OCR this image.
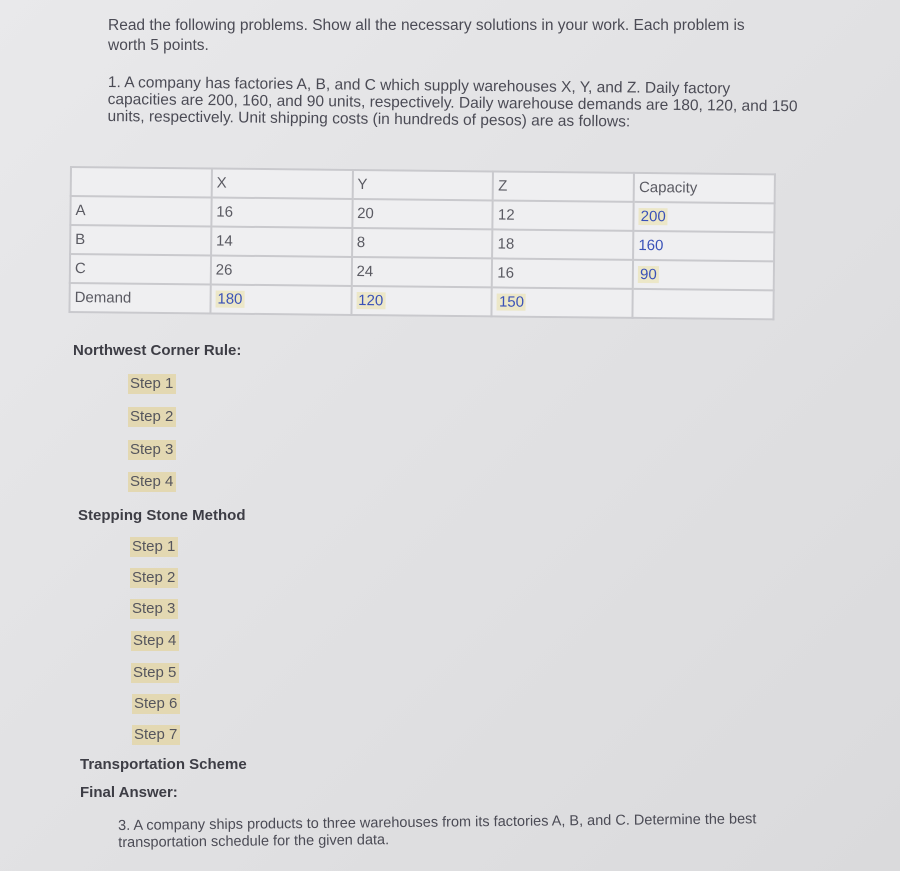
Read the following problems. Show all the necessary solutions in your work. Each problem is worth 5 points.
1. A company has factories A, B, and C which supply warehouses X, Y, and Z. Daily factory capacities are 200, 160, and 90 units, respectively. Daily warehouse demands are 180, 120, and 150 units, respectively. Unit shipping costs (in hundreds of pesos) are as follows:
	X	Y	Z	Capacity
A	16	20	12	200
B	14	8	18	160
C	26	24	16	90
Demand	180	120	150	
Northwest Corner Rule:
Step 1
Step 2
Step 3
Step 4
Stepping Stone Method
Step 1
Step 2
Step 3
Step 4
Step 5
Step 6
Step 7
Transportation Scheme
Final Answer:
3. A company ships products to three warehouses from its factories A, B, and C. Determine the best transportation schedule for the given data.
